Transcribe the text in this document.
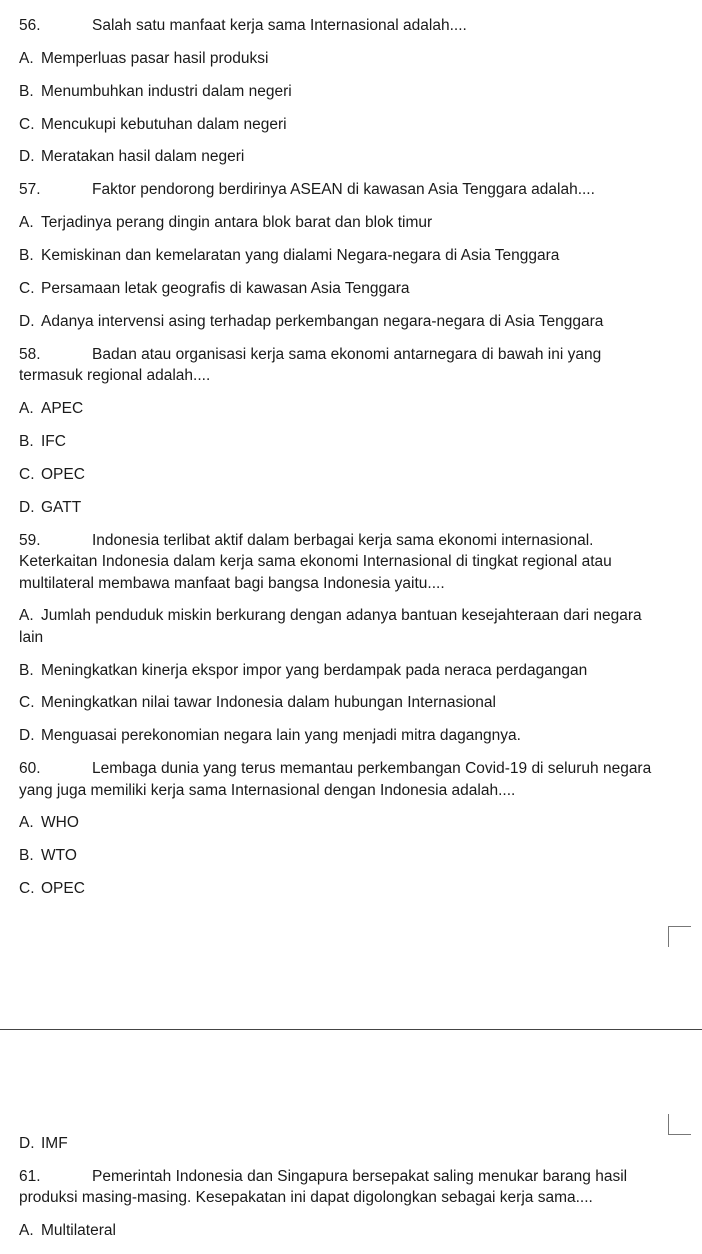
56.	Salah satu manfaat kerja sama Internasional adalah....
A. Memperluas pasar hasil produksi
B. Menumbuhkan industri dalam negeri
C. Mencukupi kebutuhan dalam negeri
D. Meratakan hasil dalam negeri
57.	Faktor pendorong berdirinya ASEAN di kawasan Asia Tenggara adalah....
A. Terjadinya perang dingin antara blok barat dan blok timur
B. Kemiskinan dan kemelaratan yang dialami Negara-negara di Asia Tenggara
C. Persamaan letak geografis di kawasan Asia Tenggara
D. Adanya intervensi asing terhadap perkembangan negara-negara di Asia Tenggara
58.	Badan atau organisasi kerja sama ekonomi antarnegara di bawah ini yang
termasuk regional adalah....
A. APEC
B. IFC
C. OPEC
D. GATT
59.	Indonesia terlibat aktif dalam berbagai kerja sama ekonomi internasional.
Keterkaitan Indonesia dalam kerja sama ekonomi Internasional di tingkat regional atau
multilateral membawa manfaat bagi bangsa Indonesia yaitu....
A. Jumlah penduduk miskin berkurang dengan adanya bantuan kesejahteraan dari negara
lain
B. Meningkatkan kinerja ekspor impor yang berdampak pada neraca perdagangan
C. Meningkatkan nilai tawar Indonesia dalam hubungan Internasional
D. Menguasai perekonomian negara lain yang menjadi mitra dagangnya.
60.	Lembaga dunia yang terus memantau perkembangan Covid-19 di seluruh negara
yang juga memiliki kerja sama Internasional dengan Indonesia adalah....
A. WHO
B. WTO
C. OPEC
D. IMF
61.	Pemerintah Indonesia dan Singapura bersepakat saling menukar barang hasil
produksi masing-masing. Kesepakatan ini dapat digolongkan sebagai kerja sama....
A. Multilateral
